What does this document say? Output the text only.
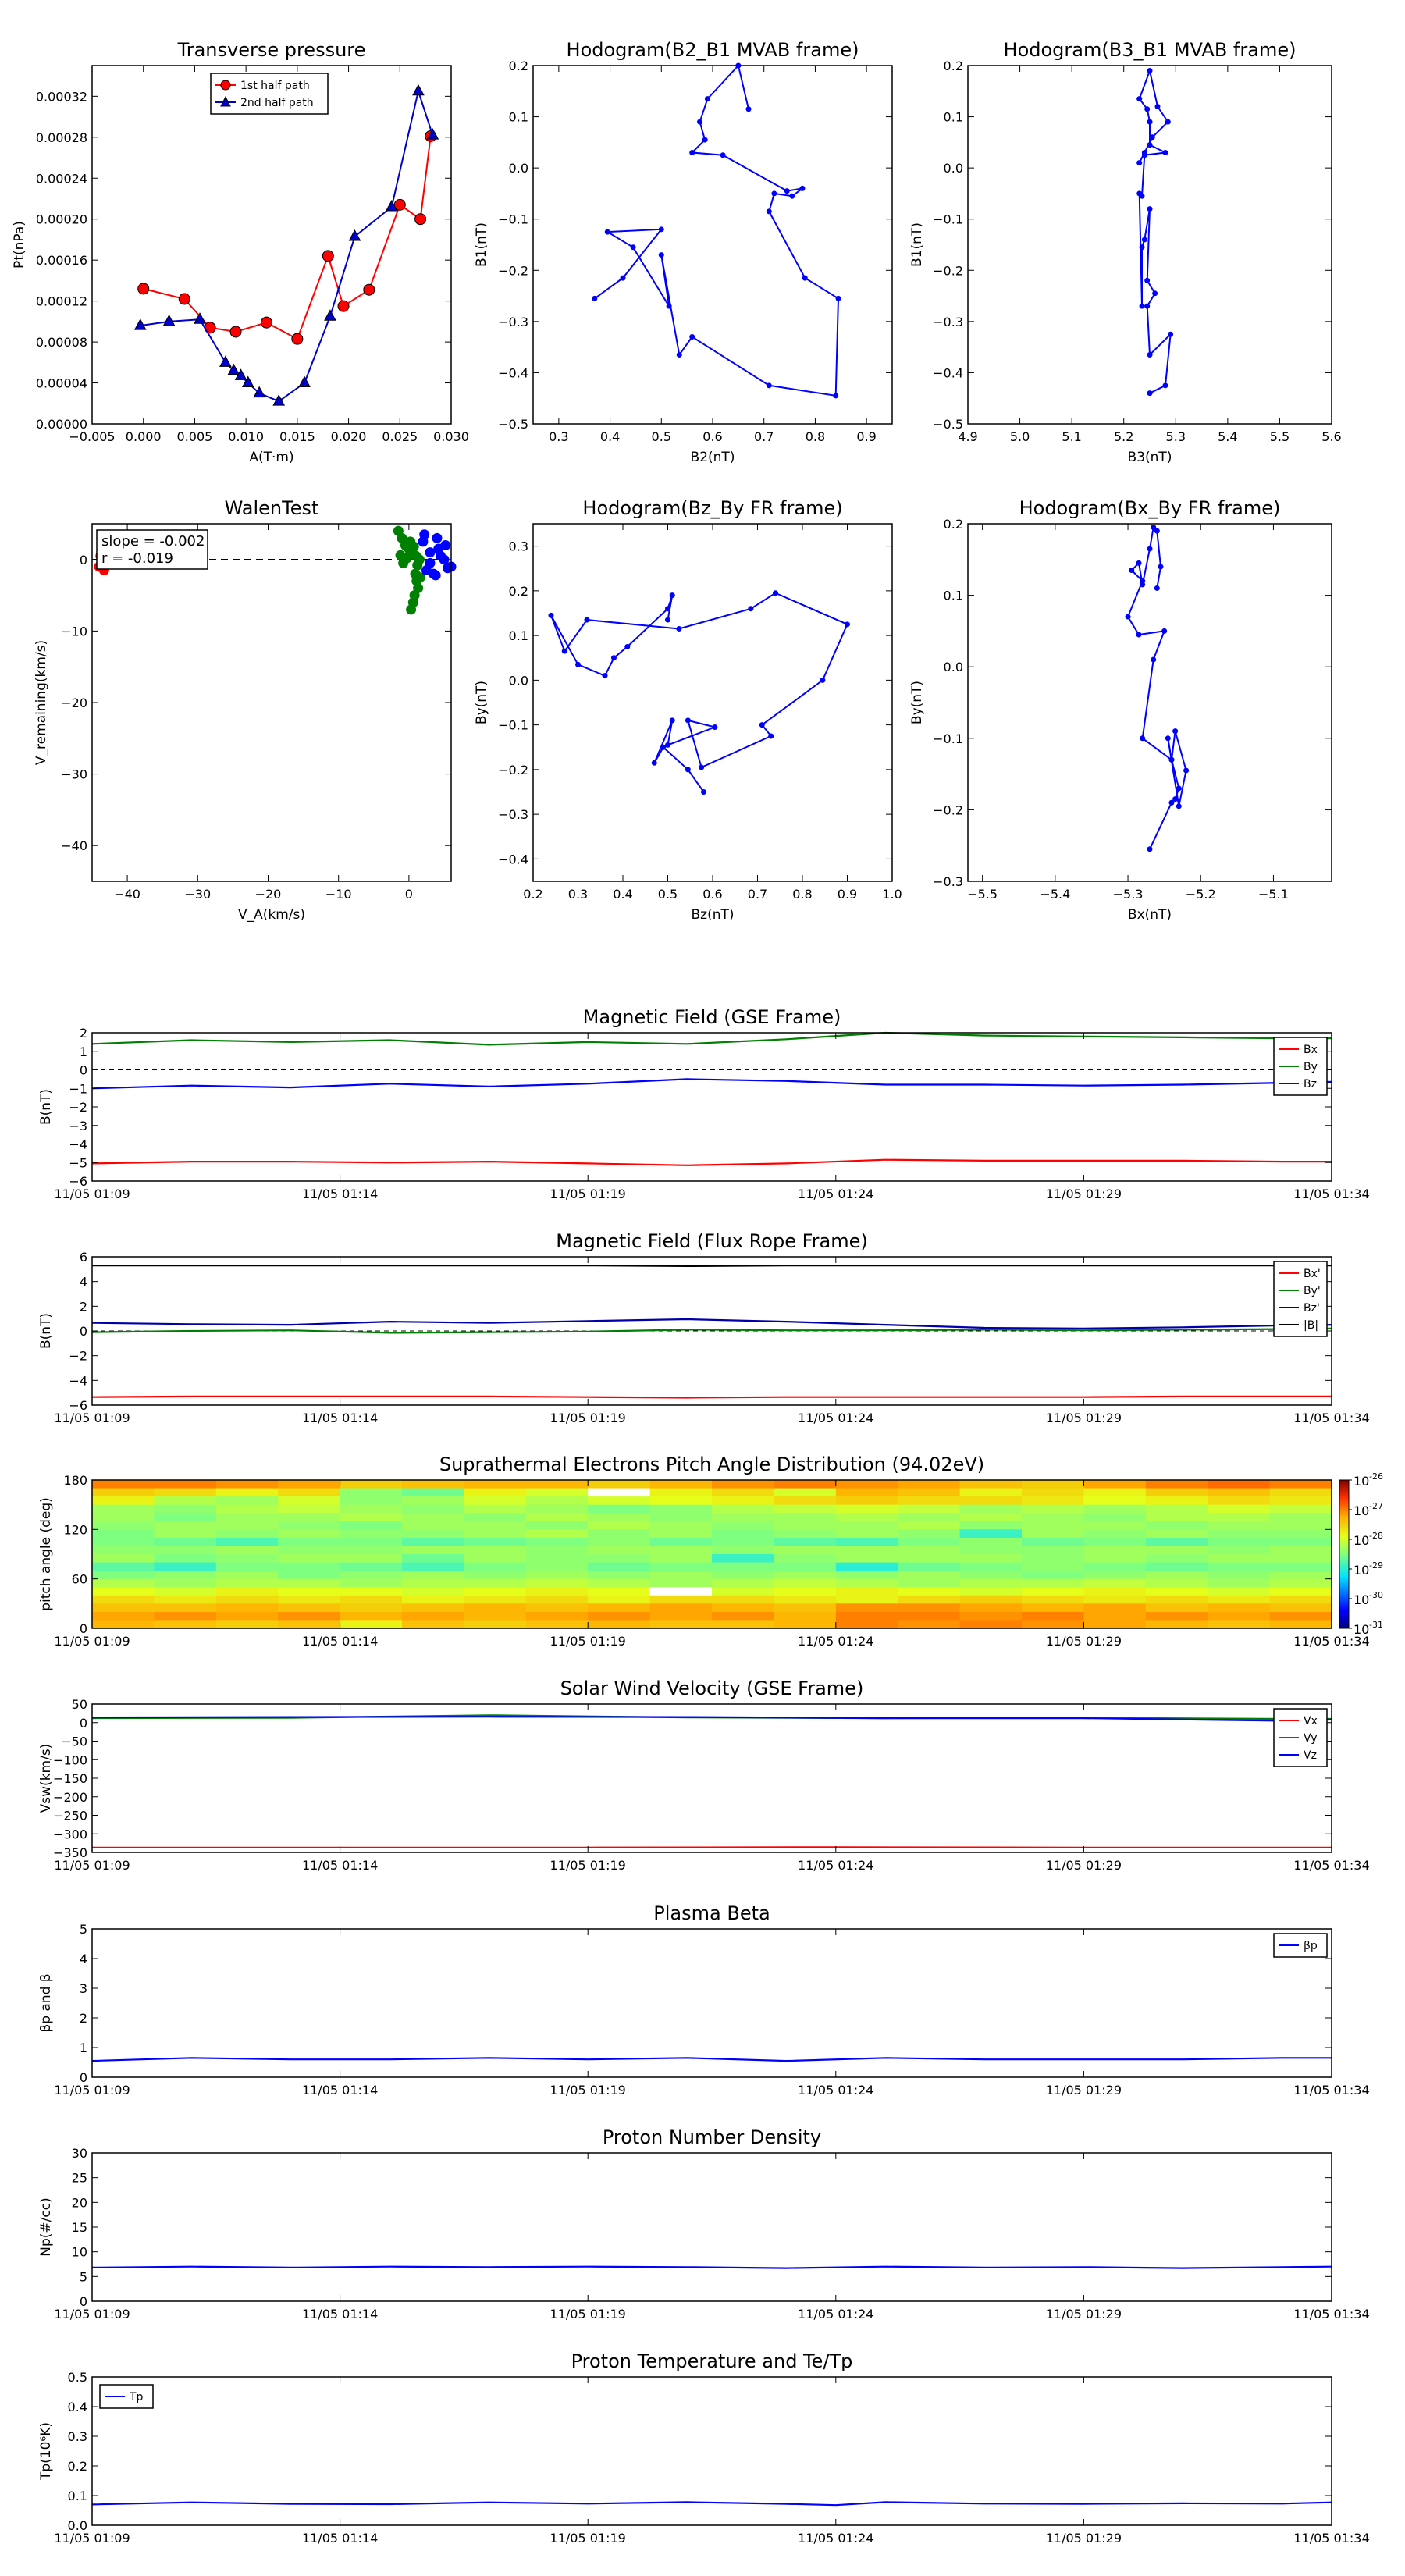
Transverse pressure
−0.005 0.000 0.005 0.010 0.015 0.020 0.025 0.030
0.00000
0.00004
0.00008
0.00012
0.00016
0.00020
0.00024
0.00028
0.00032
A(T·m)
Pt(nPa)
1st half path
2nd half path
Hodogram(B2_B1 MVAB frame)
0.3	0.4	0.5	0.6	0.7	0.8	0.9
−0.5
−0.4
−0.3
−0.2
−0.1
0.0
0.1
0.2
B2(nT)
B1(nT)
Hodogram(B3_B1 MVAB frame)
4.9	5.0	5.1	5.2	5.3	5.4	5.5	5.6
−0.5
−0.4
−0.3
−0.2
−0.1
0.0
0.1
0.2
B3(nT)
B1(nT)
WalenTest
−40	−30	−20	−10	0
−40
−30
−20
−10
0
V_A(km/s)
V_remaining(km/s)
slope = -0.002
r = -0.019
Hodogram(Bz_By FR frame)
0.2 0.3 0.4 0.5 0.6 0.7 0.8 0.9 1.0
−0.4
−0.3
−0.2
−0.1
0.0
0.1
0.2
0.3
Bz(nT)
By(nT)
Hodogram(Bx_By FR frame)
−5.5	−5.4	−5.3	−5.2	−5.1
−0.3
−0.2
−0.1
0.0
0.1
0.2
Bx(nT)
By(nT)
Magnetic Field (GSE Frame)
11/05 01:09	11/05 01:14	11/05 01:19	11/05 01:24	11/05 01:29	11/05 01:34
−6
−5
−4
−3
−2
−1
0
1
2
B(nT)
Bx
By
Bz
Magnetic Field (Flux Rope Frame)
11/05 01:09	11/05 01:14	11/05 01:19	11/05 01:24	11/05 01:29	11/05 01:34
−6
−4
−2
0
2
4
6
B(nT)
Bx'
By'
Bz'
|B|
Suprathermal Electrons Pitch Angle Distribution (94.02eV)
10 -26
10 -27
10 -28
10 -29
10 -30
10 -31
11/05 01:09	11/05 01:14	11/05 01:19	11/05 01:24	11/05 01:29	11/05 01:34
0
60
120
180
pitch angle (deg)
Solar Wind Velocity (GSE Frame)
11/05 01:09	11/05 01:14	11/05 01:19	11/05 01:24	11/05 01:29	11/05 01:34
−350
−300
−250
−200
−150
−100
−50
0
50
Vsw(km/s)
Vx
Vy
Vz
Plasma Beta
11/05 01:09	11/05 01:14	11/05 01:19	11/05 01:24	11/05 01:29	11/05 01:34
0
1
2
3
4
5
βp and β
βp
Proton Number Density
11/05 01:09	11/05 01:14	11/05 01:19	11/05 01:24	11/05 01:29	11/05 01:34
0
5
10
15
20
25
30
Np(#/cc)
Proton Temperature and Te/Tp
11/05 01:09	11/05 01:14	11/05 01:19	11/05 01:24	11/05 01:29	11/05 01:34
0.0
0.1
0.2
0.3
0.4
0.5
Tp(10⁶K)
Tp
